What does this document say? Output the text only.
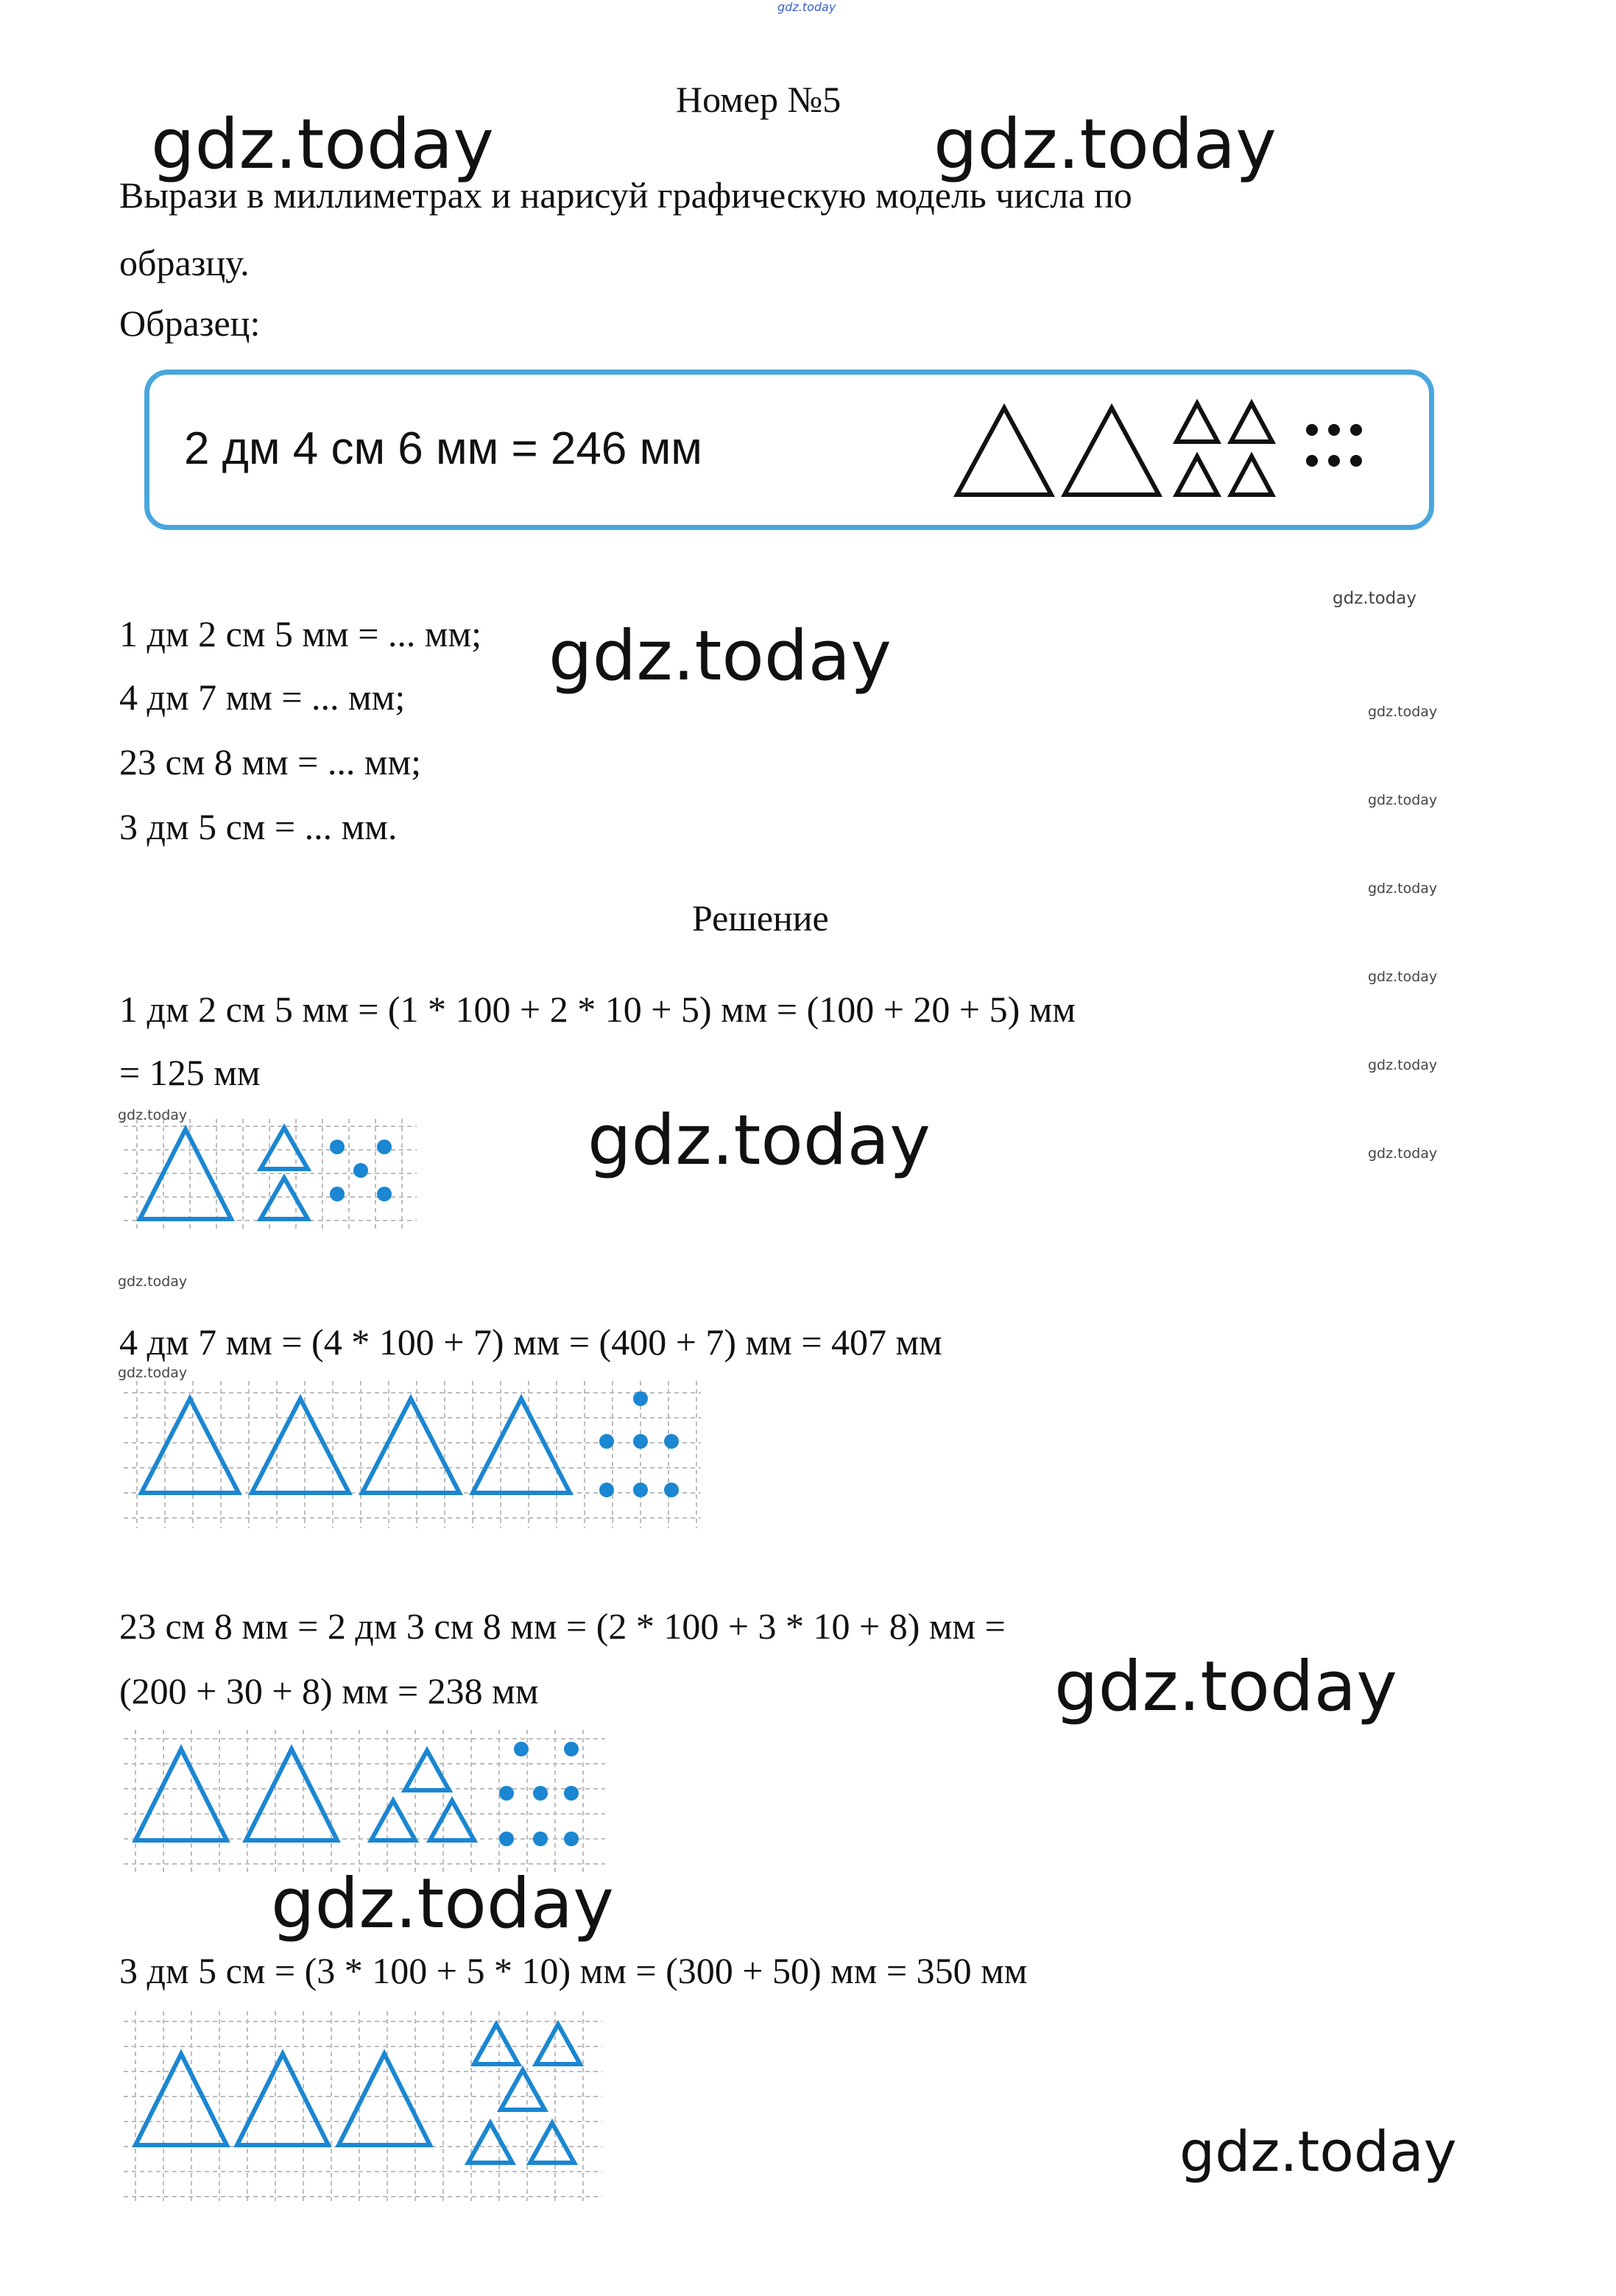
gdz.today
gdz.today	gdz.today
gdz.today
gdz.today
gdz.today
gdz.today
gdz.today
gdz.today
gdz.today
gdz.today
gdz.today
gdz.today
gdz.today
gdz.today
gdz.today
gdz.today
gdz.today
Номер №5
Вырази в миллиметрах и нарисуй графическую модель числа по
образцу.
Образец:
2 дм 4 см 6 мм = 246 мм
1 дм 2 см 5 мм = ... мм;
4 дм 7 мм = ... мм;
23 см 8 мм = ... мм;
3 дм 5 см = ... мм.
Решение
1 дм 2 см 5 мм = (1 * 100 + 2 * 10 + 5) мм = (100 + 20 + 5) мм
= 125 мм
4 дм 7 мм = (4 * 100 + 7) мм = (400 + 7) мм = 407 мм
23 см 8 мм = 2 дм 3 см 8 мм = (2 * 100 + 3 * 10 + 8) мм =
(200 + 30 + 8) мм = 238 мм
3 дм 5 см = (3 * 100 + 5 * 10) мм = (300 + 50) мм = 350 мм
